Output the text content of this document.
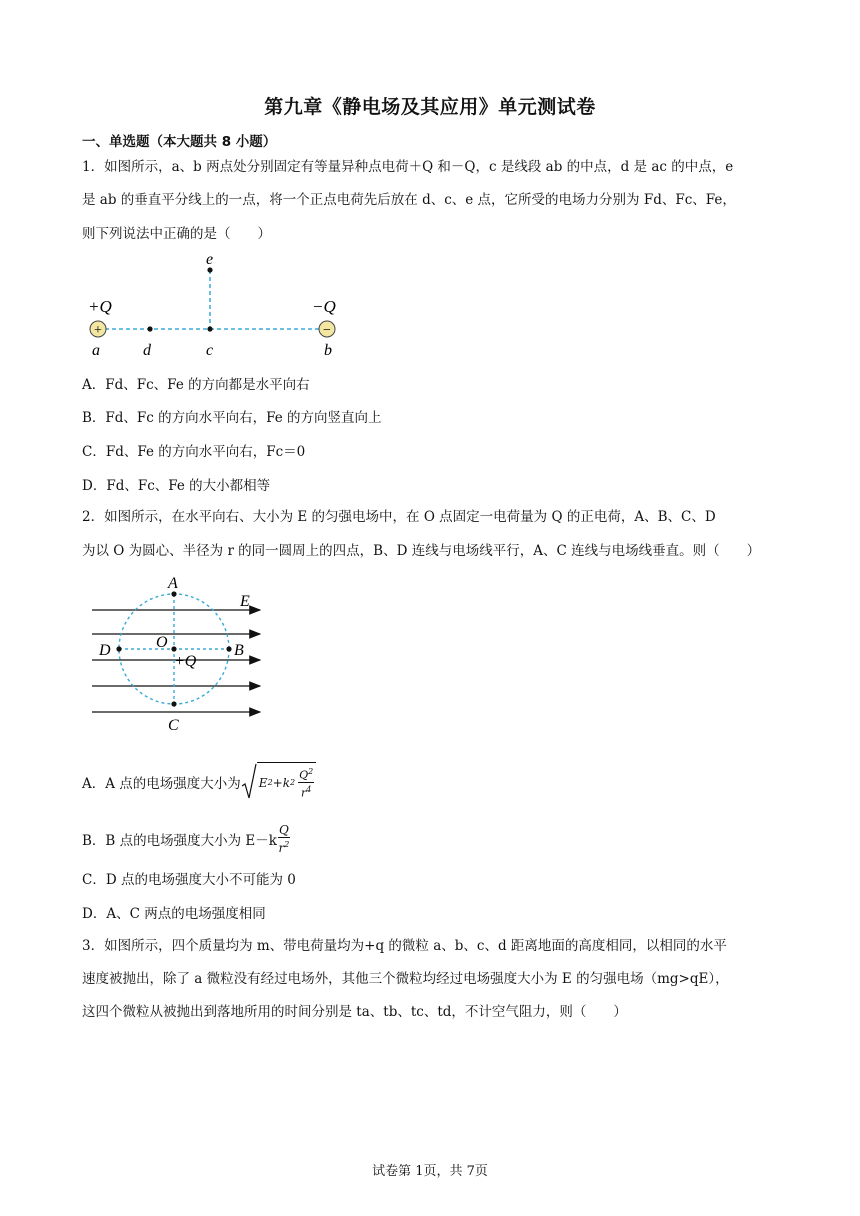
第九章《静电场及其应用》单元测试卷
一、单选题（本大题共 8 小题）
1．如图所示，a、b 两点处分别固定有等量异种点电荷＋Q 和－Q，c 是线段 ab 的中点，d 是 ac 的中点，e
是 ab 的垂直平分线上的一点，将一个正点电荷先后放在 d、c、e 点，它所受的电场力分别为 Fd、Fc、Fe，
则下列说法中正确的是（　　）
+	−
+Q	−Q
e
a	d	c	b
A．Fd、Fc、Fe 的方向都是水平向右
B．Fd、Fc 的方向水平向右，Fe 的方向竖直向上
C．Fd、Fe 的方向水平向右，Fc＝0
D．Fd、Fc、Fe 的大小都相等
2．如图所示，在水平向右、大小为 E 的匀强电场中，在 O 点固定一电荷量为 Q 的正电荷，A、B、C、D
为以 O 为圆心、半径为 r 的同一圆周上的四点，B、D 连线与电场线平行，A、C 连线与电场线垂直。则（　　）
A
E
O
D	B
+Q
C
A．A 点的电场强度大小为 E 2 +k $2 \frac{Q^2}{r^4}$
B．B 点的电场强度大小为 $E-k \frac{Q}{r^2}$
C．D 点的电场强度大小不可能为 0
D．A、C 两点的电场强度相同
3．如图所示，四个质量均为 m、带电荷量均为+q 的微粒 a、b、c、d 距离地面的高度相同，以相同的水平
速度被抛出，除了 a 微粒没有经过电场外，其他三个微粒均经过电场强度大小为 E 的匀强电场（mg>qE），
这四个微粒从被抛出到落地所用的时间分别是 ta、tb、tc、td，不计空气阻力，则（　　）
试卷第 1页，共 7页
